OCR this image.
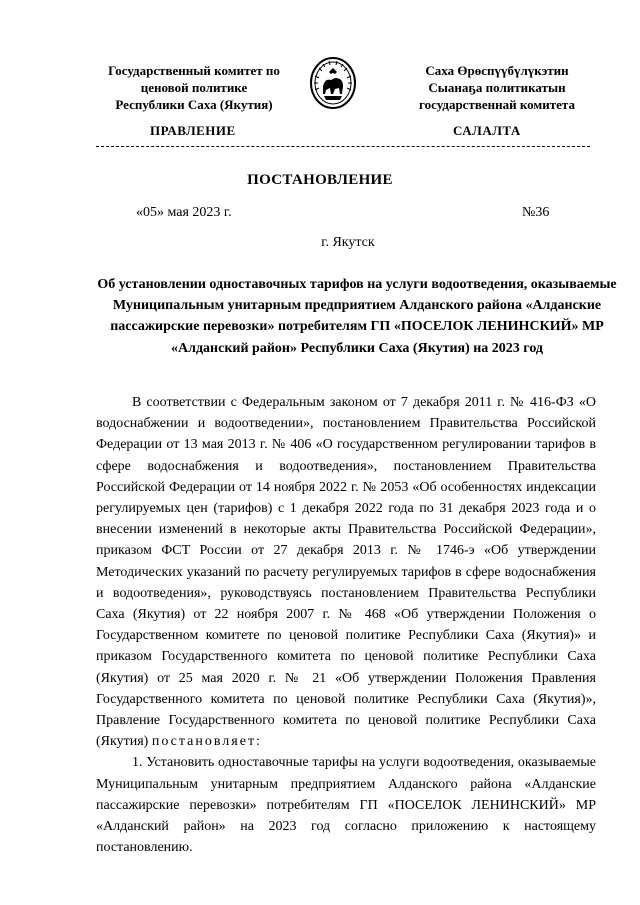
Государственный комитет по
ценовой политике
Республики Саха (Якутия)
Саха Өрөспүүбүлүкэтин
Сыанаҕа политикатын
государственнай комитета
ПРАВЛЕНИЕ	САЛАЛТА
ПОСТАНОВЛЕНИЕ
«05» мая 2023 г.	№36
г. Якутск
Об установлении одноставочных тарифов на услуги водоотведения, оказываемые Муниципальным унитарным предприятием Алданского района «Алданские пассажирские перевозки» потребителям ГП «ПОСЕЛОК ЛЕНИНСКИЙ» МР «Алданский район» Республики Саха (Якутия) на 2023 год

В соответствии с Федеральным законом от 7 декабря 2011 г. № 416-ФЗ «О водоснабжении и водоотведении», постановлением Правительства Российской Федерации от 13 мая 2013 г. № 406 «О государственном регулировании тарифов в сфере водоснабжения и водоотведения», постановлением Правительства Российской Федерации от 14 ноября 2022 г. № 2053 «Об особенностях индексации регулируемых цен (тарифов) с 1 декабря 2022 года по 31 декабря 2023 года и о внесении изменений в некоторые акты Правительства Российской Федерации», приказом ФСТ России от 27 декабря 2013 г. № 1746-э «Об утверждении Методических указаний по расчету регулируемых тарифов в сфере водоснабжения и водоотведения», руководствуясь постановлением Правительства Республики Саха (Якутия) от 22 ноября 2007 г. № 468 «Об утверждении Положения о Государственном комитете по ценовой политике Республики Саха (Якутия)» и приказом Государственного комитета по ценовой политике Республики Саха (Якутия) от 25 мая 2020 г. № 21 «Об утверждении Положения Правления Государственного комитета по ценовой политике Республики Саха (Якутия)», Правление Государственного комитета по ценовой политике Республики Саха (Якутия) постановляет:

1. Установить одноставочные тарифы на услуги водоотведения, оказываемые Муниципальным унитарным предприятием Алданского района «Алданские пассажирские перевозки» потребителям ГП «ПОСЕЛОК ЛЕНИНСКИЙ» МР «Алданский район» на 2023 год согласно приложению к настоящему постановлению.
